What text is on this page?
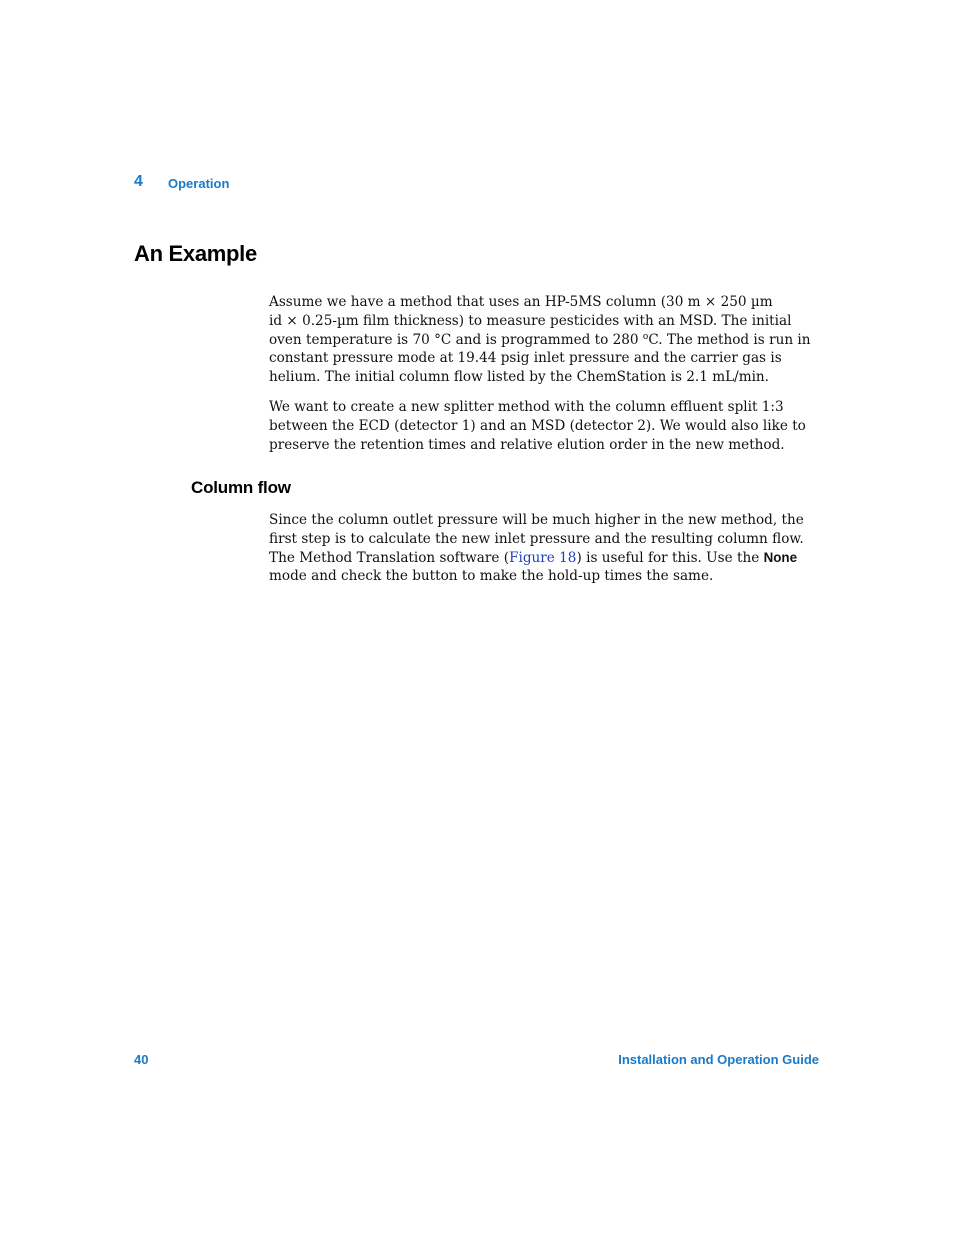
4 Operation
An Example
Assume we have a method that uses an HP-5MS column (30 m × 250 µm
id × 0.25-µm film thickness) to measure pesticides with an MSD. The initial
oven temperature is 70 °C and is programmed to 280 $^o$C. The method is run in
constant pressure mode at 19.44 psig inlet pressure and the carrier gas is
helium. The initial column flow listed by the ChemStation is 2.1 mL/min.
We want to create a new splitter method with the column effluent split 1:3
between the ECD (detector 1) and an MSD (detector 2). We would also like to
preserve the retention times and relative elution order in the new method.
Column flow
Since the column outlet pressure will be much higher in the new method, the
first step is to calculate the new inlet pressure and the resulting column flow.
The Method Translation software (Figure 18) is useful for this. Use the None
mode and check the button to make the hold-up times the same.
40	Installation and Operation Guide
